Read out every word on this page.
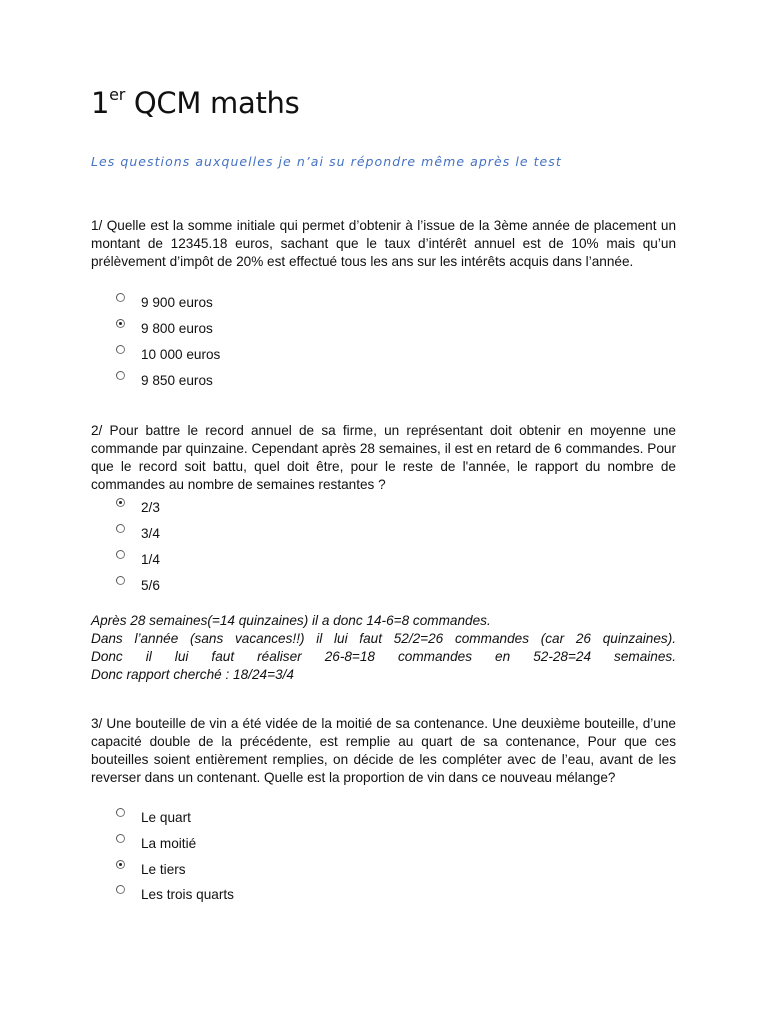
1er QCM maths
Les questions auxquelles je n’ai su répondre même après le test
1/ Quelle est la somme initiale qui permet d’obtenir à l’issue de la 3ème année de placement un montant de 12345.18 euros, sachant que le taux d’intérêt annuel est de 10% mais qu’un prélèvement d’impôt de 20% est effectué tous les ans sur les intérêts acquis dans l’année.
9 900 euros
9 800 euros
10 000 euros
9 850 euros
2/ Pour battre le record annuel de sa firme, un représentant doit obtenir en moyenne une commande par quinzaine. Cependant après 28 semaines, il est en retard de 6 commandes. Pour que le record soit battu, quel doit être, pour le reste de l'année, le rapport du nombre de commandes au nombre de semaines restantes ?
2/3
3/4
1/4
5/6
Après 28 semaines(=14 quinzaines) il a donc 14-6=8 commandes.
Dans l’année (sans vacances!!) il lui faut 52/2=26 commandes (car 26 quinzaines).
Donc il lui faut réaliser 26-8=18 commandes en 52-28=24 semaines.
Donc rapport cherché : 18/24=3/4
3/ Une bouteille de vin a été vidée de la moitié de sa contenance. Une deuxième bouteille, d’une capacité double de la précédente, est remplie au quart de sa contenance, Pour que ces bouteilles soient entièrement remplies, on décide de les compléter avec de l’eau, avant de les reverser dans un contenant. Quelle est la proportion de vin dans ce nouveau mélange?
Le quart
La moitié
Le tiers
Les trois quarts
